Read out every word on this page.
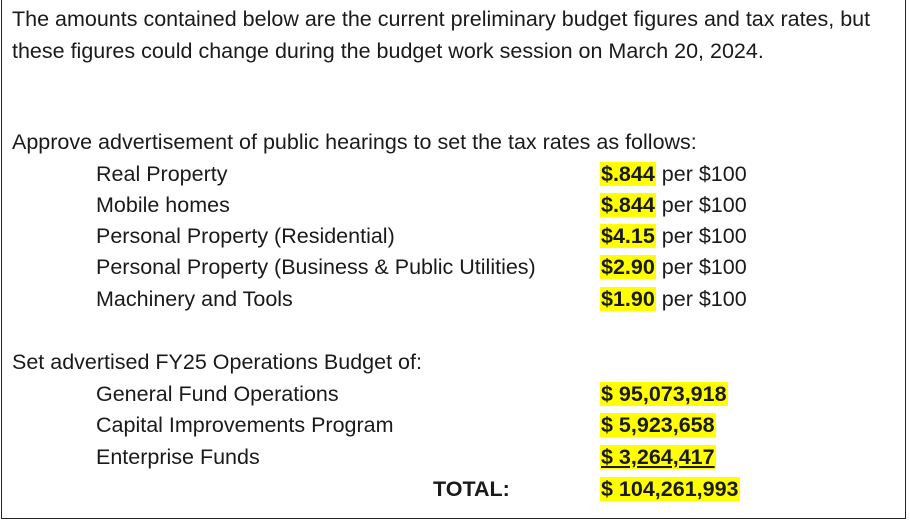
The amounts contained below are the current preliminary budget figures and tax rates, but these figures could change during the budget work session on March 20, 2024.
Approve advertisement of public hearings to set the tax rates as follows:
Real Property	$.844 per $100
Mobile homes	$.844 per $100
Personal Property (Residential)	$4.15 per $100
Personal Property (Business & Public Utilities)	$2.90 per $100
Machinery and Tools	$1.90 per $100
Set advertised FY25 Operations Budget of:
General Fund Operations	$ 95,073,918
Capital Improvements Program	$ 5,923,658
Enterprise Funds	$ 3,264,417
TOTAL:	$ 104,261,993
